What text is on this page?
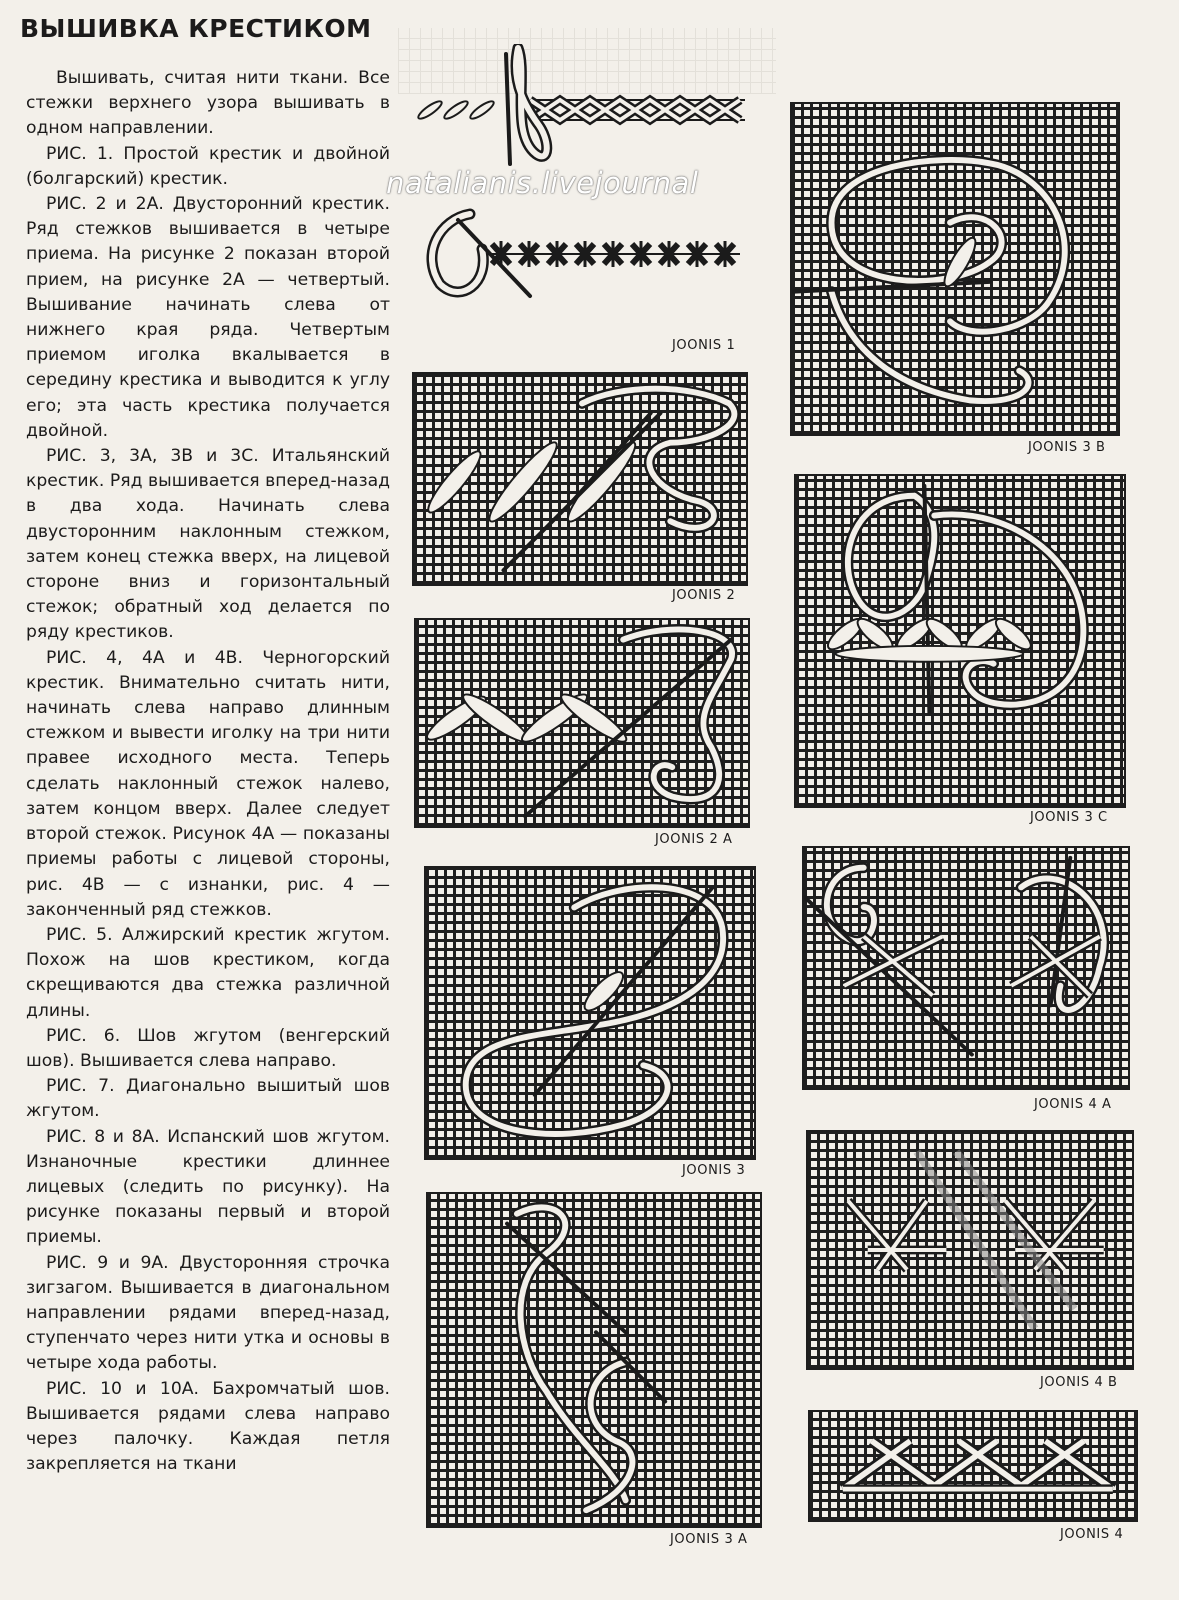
ВЫШИВКА КРЕСТИКОМ

Вышивать, считая нити ткани. Все стежки верхнего узора вышивать в одном направлении.

РИС. 1. Простой крестик и двойной (болгарский) крестик.

РИС. 2 и 2А. Двусторонний крестик. Ряд стежков вышивается в четыре приема. На рисунке 2 показан второй прием, на рисунке 2А — четвертый. Вышивание начинать слева от нижнего края ряда. Четвертым приемом иголка вкалывается в середину крестика и выводится к углу его; эта часть крестика получается двойной.

РИС. 3, 3А, 3В и 3С. Итальянский крестик. Ряд вышивается вперед-назад в два хода. Начинать слева двусторонним наклонным стежком, затем конец стежка вверх, на лицевой стороне вниз и горизонтальный стежок; обратный ход делается по ряду крестиков.

РИС. 4, 4А и 4В. Черногорский крестик. Внимательно считать нити, начинать слева направо длинным стежком и вывести иголку на три нити правее исходного места. Теперь сделать наклонный стежок налево, затем концом вверх. Далее следует второй стежок. Рисунок 4А — показаны приемы работы с лицевой стороны, рис. 4В — с изнанки, рис. 4 — законченный ряд стежков.

РИС. 5. Алжирский крестик жгутом. Похож на шов крестиком, когда скрещиваются два стежка различной длины.

РИС. 6. Шов жгутом (венгерский шов). Вышивается слева направо.

РИС. 7. Диагонально вышитый шов жгутом.

РИС. 8 и 8А. Испанский шов жгутом. Изнаночные крестики длиннее лицевых (следить по рисунку). На рисунке показаны первый и второй приемы.

РИС. 9 и 9А. Двусторонняя строчка зигзагом. Вышивается в диагональном направлении рядами вперед-назад, ступенчато через нити утка и основы в четыре хода работы.

РИС. 10 и 10А. Бахромчатый шов. Вышивается рядами слева направо через палочку. Каждая петля закрепляется на ткани

JOONIS 1
JOONIS 2
JOONIS 2 A
JOONIS 3
JOONIS 3 A
JOONIS 3 B
JOONIS 3 C
JOONIS 4 A
JOONIS 4 B
JOONIS 4
natalianis.livejournal
